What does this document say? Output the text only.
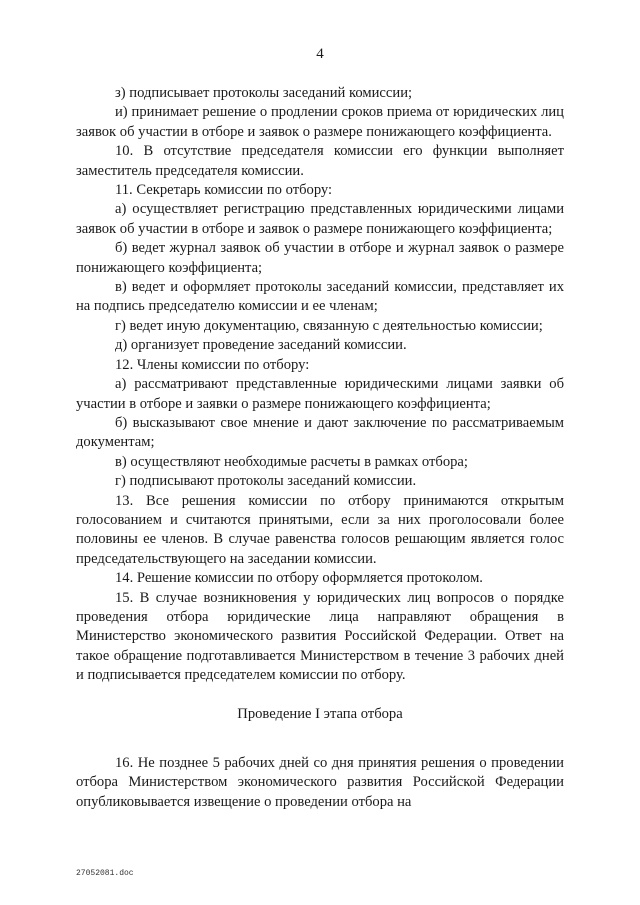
4

з) подписывает протоколы заседаний комиссии;

и) принимает решение о продлении сроков приема от юридических лиц заявок об участии в отборе и заявок о размере понижающего коэффициента.

10. В отсутствие председателя комиссии его функции выполняет заместитель председателя комиссии.

11. Секретарь комиссии по отбору:

а) осуществляет регистрацию представленных юридическими лицами заявок об участии в отборе и заявок о размере понижающего коэффициента;

б) ведет журнал заявок об участии в отборе и журнал заявок о размере понижающего коэффициента;

в) ведет и оформляет протоколы заседаний комиссии, представляет их на подпись председателю комиссии и ее членам;

г) ведет иную документацию, связанную с деятельностью комиссии;

д) организует проведение заседаний комиссии.

12. Члены комиссии по отбору:

а) рассматривают представленные юридическими лицами заявки об участии в отборе и заявки о размере понижающего коэффициента;

б) высказывают свое мнение и дают заключение по рассматриваемым документам;

в) осуществляют необходимые расчеты в рамках отбора;

г) подписывают протоколы заседаний комиссии.

13. Все решения комиссии по отбору принимаются открытым голосованием и считаются принятыми, если за них проголосовали более половины ее членов. В случае равенства голосов решающим является голос председательствующего на заседании комиссии.

14. Решение комиссии по отбору оформляется протоколом.

15. В случае возникновения у юридических лиц вопросов о порядке проведения отбора юридические лица направляют обращения в Министерство экономического развития Российской Федерации. Ответ на такое обращение подготавливается Министерством в течение 3 рабочих дней и подписывается председателем комиссии по отбору.

Проведение I этапа отбора

16. Не позднее 5 рабочих дней со дня принятия решения о проведении отбора Министерством экономического развития Российской Федерации опубликовывается извещение о проведении отбора на

27052081.doc
